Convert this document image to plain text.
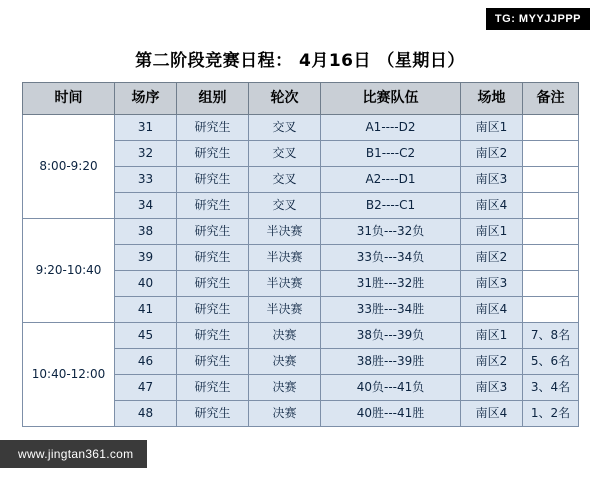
TG: MYYJJPPP
第二阶段竞赛日程： 4月16日 （星期日）
时间	场序	组别	轮次	比赛队伍	场地	备注
8:00-9:20	31	研究生	交叉	A1----D2	南区1	
	32	研究生	交叉	B1----C2	南区2	
	33	研究生	交叉	A2----D1	南区3	
	34	研究生	交叉	B2----C1	南区4	
9:20-10:40	38	研究生	半决赛	31负---32负	南区1	
	39	研究生	半决赛	33负---34负	南区2	
	40	研究生	半决赛	31胜---32胜	南区3	
	41	研究生	半决赛	33胜---34胜	南区4	
10:40-12:00	45	研究生	决赛	38负---39负	南区1	7、8名
	46	研究生	决赛	38胜---39胜	南区2	5、6名
	47	研究生	决赛	40负---41负	南区3	3、4名
	48	研究生	决赛	40胜---41胜	南区4	1、2名
www.jingtan361.com
